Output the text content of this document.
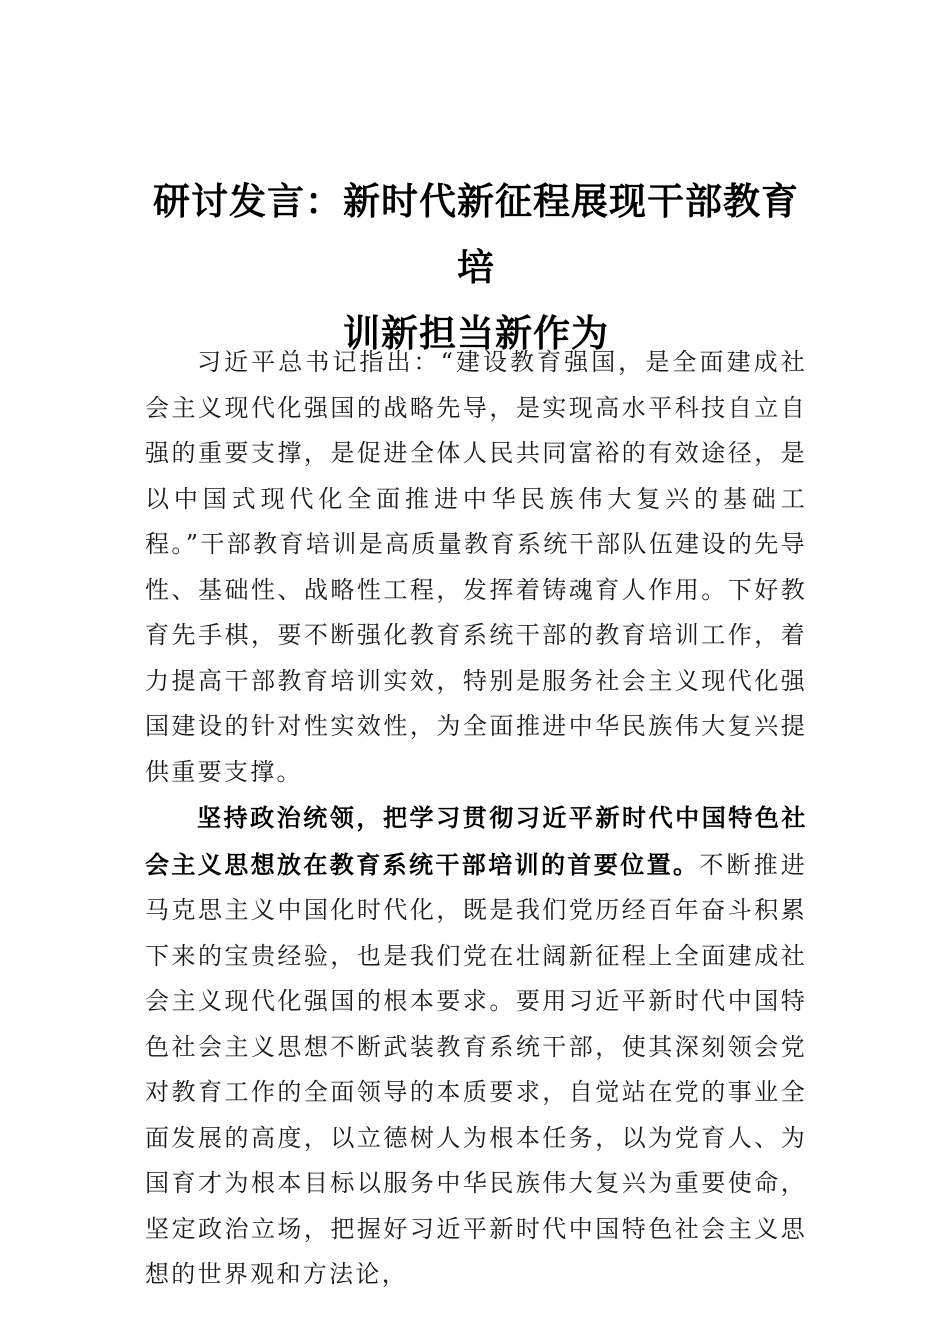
研讨发言：新时代新征程展现干部教育培
训新担当新作为

习近平总书记指出：“建设教育强国，是全面建成社会主义现代化强国的战略先导，是实现高水平科技自立自强的重要支撑，是促进全体人民共同富裕的有效途径，是以中国式现代化全面推进中华民族伟大复兴的基础工程。”干部教育培训是高质量教育系统干部队伍建设的先导性、基础性、战略性工程，发挥着铸魂育人作用。下好教育先手棋，要不断强化教育系统干部的教育培训工作，着力提高干部教育培训实效，特别是服务社会主义现代化强国建设的针对性实效性，为全面推进中华民族伟大复兴提供重要支撑。

坚持政治统领，把学习贯彻习近平新时代中国特色社会主义思想放在教育系统干部培训的首要位置。不断推进马克思主义中国化时代化，既是我们党历经百年奋斗积累下来的宝贵经验，也是我们党在壮阔新征程上全面建成社会主义现代化强国的根本要求。要用习近平新时代中国特色社会主义思想不断武装教育系统干部，使其深刻领会党对教育工作的全面领导的本质要求，自觉站在党的事业全面发展的高度，以立德树人为根本任务，以为党育人、为国育才为根本目标以服务中华民族伟大复兴为重要使命，坚定政治立场，把握好习近平新时代中国特色社会主义思想的世界观和方法论，
